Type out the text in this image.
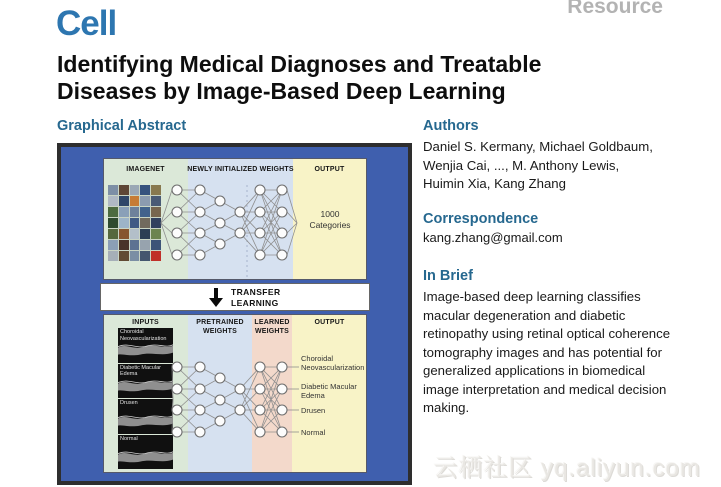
Cell	Resource
Identifying Medical Diagnoses and Treatable Diseases by Image-Based Deep Learning
Graphical Abstract
TRANSFER
LEARNING
IMAGENET	NEWLY INITIALIZED WEIGHTS	OUTPUT
INPUTS	PRETRAINED WEIGHTS
LEARNED WEIGHTS
OUTPUT
Choroidal Neovascularization
Diabetic Macular Edema
Drusen
Normal
1000 Categories
Choroidal Neovascularization
Diabetic Macular Edema
Drusen
Normal
Authors
Daniel S. Kermany, Michael Goldbaum,
Wenjia Cai, ..., M. Anthony Lewis,
Huimin Xia, Kang Zhang
Correspondence
kang.zhang@gmail.com
In Brief
Image-based deep learning classifies macular degeneration and diabetic retinopathy using retinal optical coherence tomography images and has potential for generalized applications in biomedical image interpretation and medical decision making.
云栖社区 yq.aliyun.com
